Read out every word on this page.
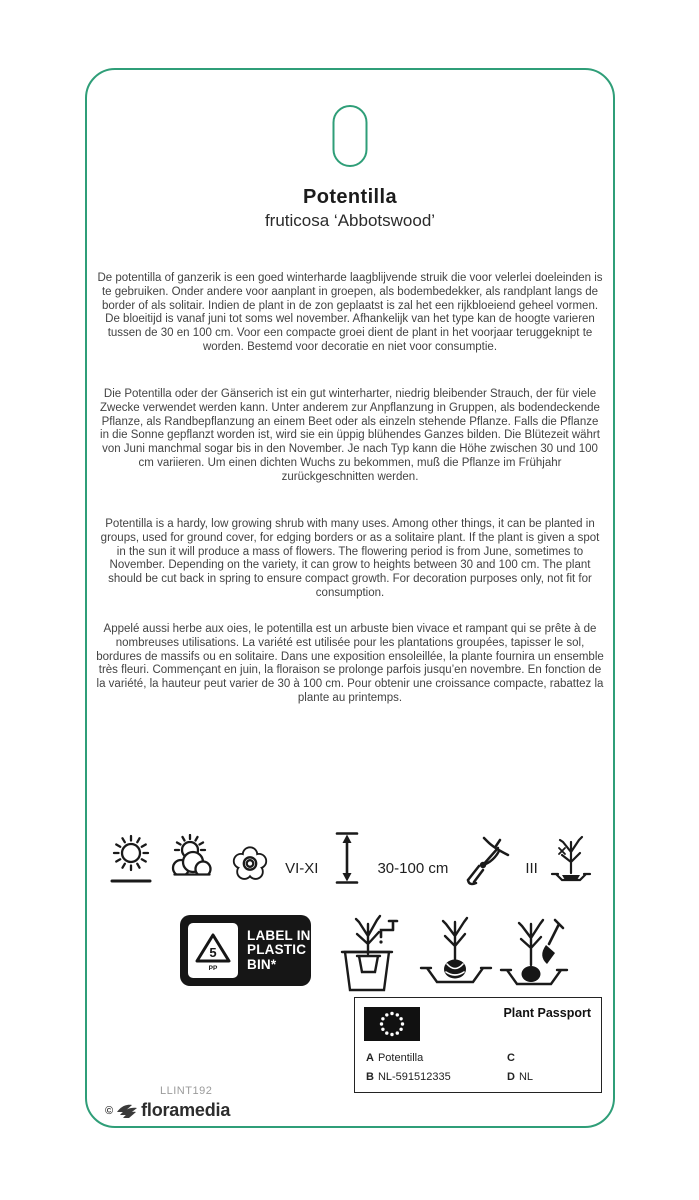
Potentilla
fruticosa ‘Abbotswood’

De potentilla of ganzerik is een goed winterharde laagblijvende struik die voor velerlei doeleinden is te gebruiken. Onder andere voor aanplant in groepen, als bodembedekker, als randplant langs de border of als solitair. Indien de plant in de zon geplaatst is zal het een rijkbloeiend geheel vormen. De bloeitijd is vanaf juni tot soms wel november. Afhankelijk van het type kan de hoogte varieren tussen de 30 en 100 cm. Voor een compacte groei dient de plant in het voorjaar teruggeknipt te worden. Bestemd voor decoratie en niet voor consumptie.

Die Potentilla oder der Gänserich ist ein gut winterharter, niedrig bleibender Strauch, der für viele Zwecke verwendet werden kann. Unter anderem zur Anpflanzung in Gruppen, als bodendeckende Pflanze, als Randbepflanzung an einem Beet oder als einzeln stehende Pflanze. Falls die Pflanze in die Sonne gepflanzt worden ist, wird sie ein üppig blühendes Ganzes bilden. Die Blütezeit währt von Juni manchmal sogar bis in den November. Je nach Typ kann die Höhe zwischen 30 und 100 cm variieren. Um einen dichten Wuchs zu bekommen, muß die Pflanze im Frühjahr zurückgeschnitten werden.

Potentilla is a hardy, low growing shrub with many uses. Among other things, it can be planted in groups, used for ground cover, for edging borders or as a solitaire plant. If the plant is given a spot in the sun it will produce a mass of flowers. The flowering period is from June, sometimes to November. Depending on the variety, it can grow to heights between 30 and 100 cm. The plant should be cut back in spring to ensure compact growth. For decoration purposes only, not fit for consumption.

Appelé aussi herbe aux oies, le potentilla est un arbuste bien vivace et rampant qui se prête à de nombreuses utilisations. La variété est utilisée pour les plantations groupées, tapisser le sol, bordures de massifs ou en solitaire. Dans une exposition ensoleillée, la plante fournira un ensemble très fleuri. Commençant en juin, la floraison se prolonge parfois jusqu’en novembre. En fonction de la variété, la hauteur peut varier de 30 à 100 cm. Pour obtenir une croissance compacte, rabattez la plante au printemps.

VI-XI	30-100 cm	III
5
PP
LABEL IN
PLASTIC
BIN*
Plant Passport
A Potentilla
B NL-591512335
C
D NL
LLINT192
© floramedia
